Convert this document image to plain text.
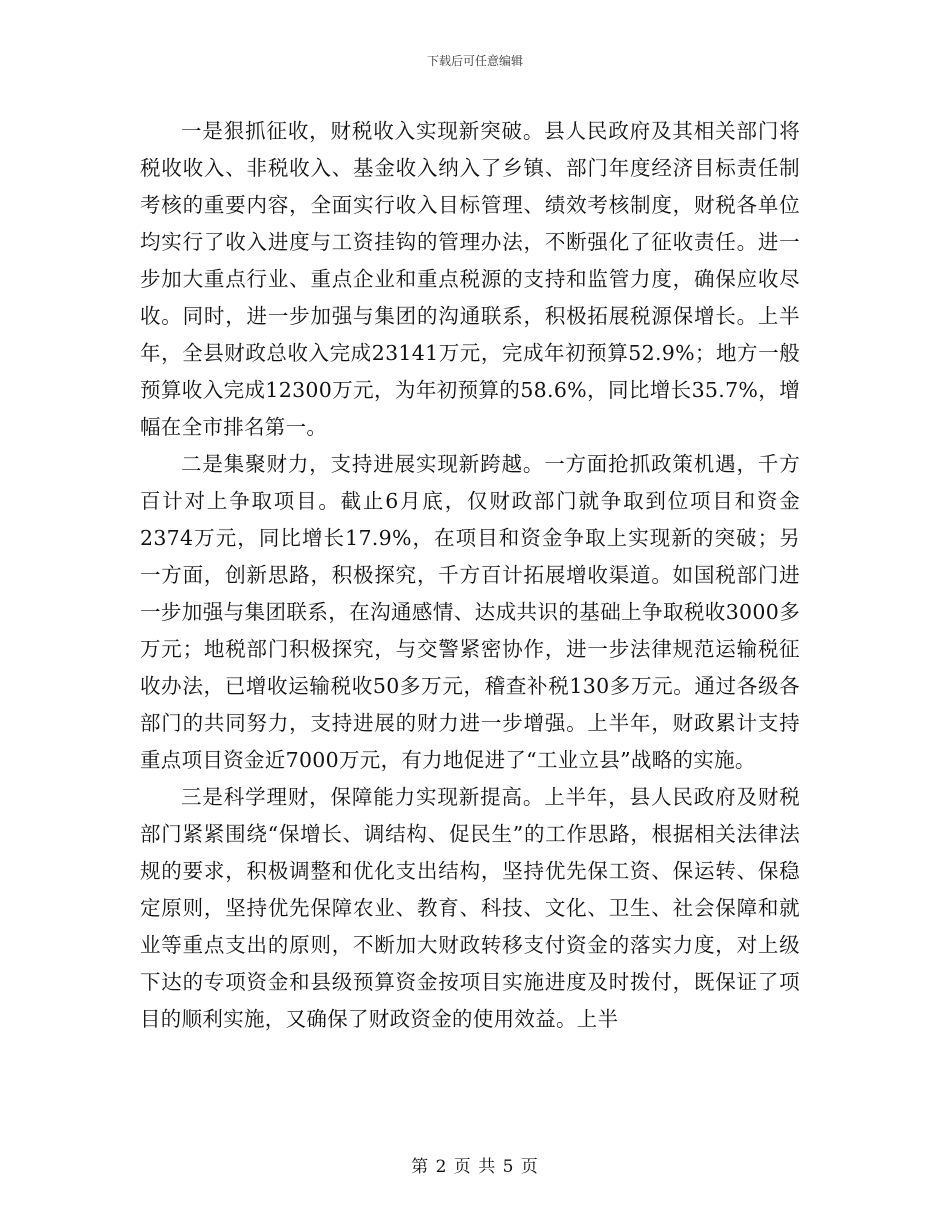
下载后可任意编辑

一是狠抓征收，财税收入实现新突破。县人民政府及其相关部门将税收收入、非税收入、基金收入纳入了乡镇、部门年度经济目标责任制考核的重要内容，全面实行收入目标管理、绩效考核制度，财税各单位均实行了收入进度与工资挂钩的管理办法，不断强化了征收责任。进一步加大重点行业、重点企业和重点税源的支持和监管力度，确保应收尽收。同时，进一步加强与集团的沟通联系，积极拓展税源保增长。上半年，全县财政总收入完成23141万元，完成年初预算52.9%；地方一般预算收入完成12300万元，为年初预算的58.6%，同比增长35.7%，增幅在全市排名第一。

二是集聚财力，支持进展实现新跨越。一方面抢抓政策机遇，千方百计对上争取项目。截止6月底，仅财政部门就争取到位项目和资金2374万元，同比增长17.9%，在项目和资金争取上实现新的突破；另一方面，创新思路，积极探究，千方百计拓展增收渠道。如国税部门进一步加强与集团联系，在沟通感情、达成共识的基础上争取税收3000多万元；地税部门积极探究，与交警紧密协作，进一步法律规范运输税征收办法，已增收运输税收50多万元，稽查补税130多万元。通过各级各部门的共同努力，支持进展的财力进一步增强。上半年，财政累计支持重点项目资金近7000万元，有力地促进了“工业立县”战略的实施。

三是科学理财，保障能力实现新提高。上半年，县人民政府及财税部门紧紧围绕“保增长、调结构、促民生”的工作思路，根据相关法律法规的要求，积极调整和优化支出结构，坚持优先保工资、保运转、保稳定原则，坚持优先保障农业、教育、科技、文化、卫生、社会保障和就业等重点支出的原则，不断加大财政转移支付资金的落实力度，对上级下达的专项资金和县级预算资金按项目实施进度及时拨付，既保证了项目的顺利实施，又确保了财政资金的使用效益。上半

第 2 页 共 5 页
